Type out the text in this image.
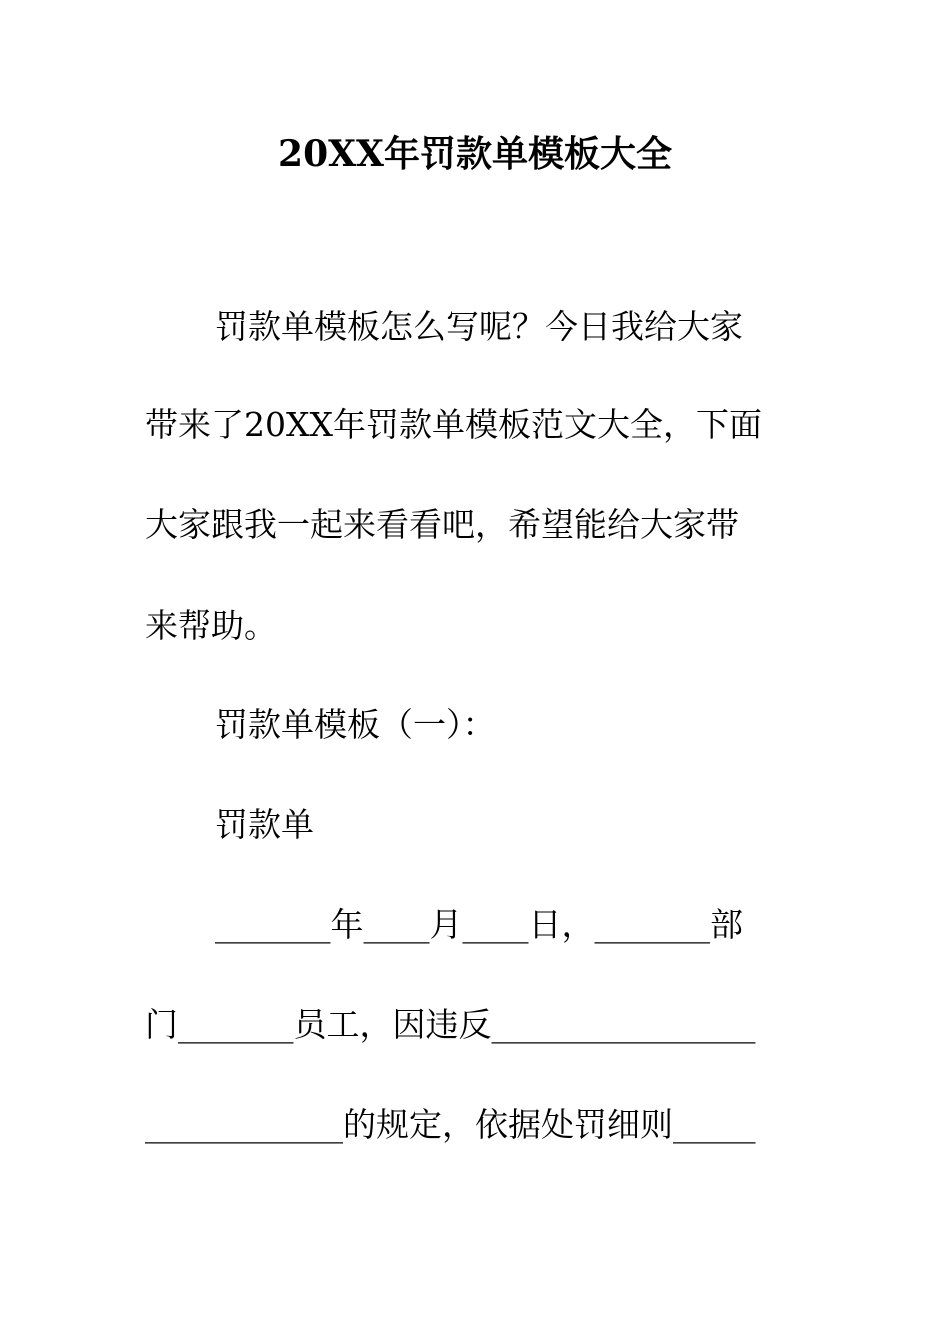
20XX年罚款单模板大全
罚款单模板怎么写呢？今日我给大家
带来了20XX年罚款单模板范文大全，下面
大家跟我一起来看看吧，希望能给大家带
来帮助。
罚款单模板（一）：
罚款单
_______年____月____日，_______部
门_______员工，因违反________________
____________的规定，依据处罚细则_____
